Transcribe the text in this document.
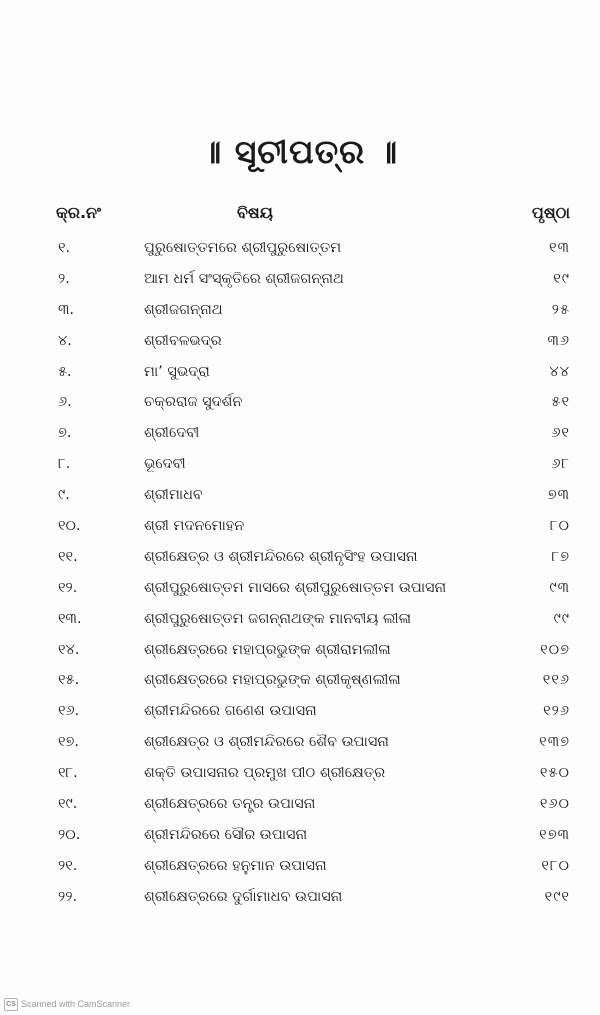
॥ ସୂଚୀପତ୍ର ॥
କ୍ର.ନଂ	ବିଷୟ	ପୃଷ୍ଠା
୧.	ପୁରୁଷୋତ୍ତମରେ ଶ୍ରୀପୁରୁଷୋତ୍ତମ	୧୩
୨.	ଆମ ଧର୍ମ ସଂସ୍କୃତିରେ ଶ୍ରୀଜଗନ୍ନାଥ	୧୯
୩.	ଶ୍ରୀଜଗନ୍ନାଥ	୨୫
୪.	ଶ୍ରୀବଳଭଦ୍ର	୩୬
୫.	ମା’ ସୁଭଦ୍ରା	୪୪
୬.	ଚକ୍ରରାଜ ସୁଦର୍ଶନ	୫୧
୭.	ଶ୍ରୀଦେବୀ	୬୧
୮.	ଭୂଦେବୀ	୬୮
୯.	ଶ୍ରୀମାଧବ	୭୩
୧୦.	ଶ୍ରୀ ମଦନମୋହନ	୮୦
୧୧.	ଶ୍ରୀକ୍ଷେତ୍ର ଓ ଶ୍ରୀମନ୍ଦିରରେ ଶ୍ରୀନୃସିଂହ ଉପାସନା	୮୭
୧୨.	ଶ୍ରୀପୁରୁଷୋତ୍ତମ ମାସରେ ଶ୍ରୀପୁରୁଷୋତ୍ତମ ଉପାସନା	୯୩
୧୩.	ଶ୍ରୀପୁରୁଷୋତ୍ତମ ଜଗନ୍ନାଥଙ୍କ ମାନବୀୟ ଲୀଳା	୯୯
୧୪.	ଶ୍ରୀକ୍ଷେତ୍ରରେ ମହାପ୍ରଭୁଙ୍କ ଶ୍ରୀରାମଲୀଳା	୧୦୭
୧୫.	ଶ୍ରୀକ୍ଷେତ୍ରରେ ମହାପ୍ରଭୁଙ୍କ ଶ୍ରୀକୃଷ୍ଣଲୀଳା	୧୧୬
୧୬.	ଶ୍ରୀମନ୍ଦିରରେ ଗଣେଶ ଉପାସନା	୧୨୬
୧୭.	ଶ୍ରୀକ୍ଷେତ୍ର ଓ ଶ୍ରୀମନ୍ଦିରରେ ଶୈବ ଉପାସନା	୧୩୭
୧୮.	ଶକ୍ତି ଉପାସନାର ପ୍ରମୁଖ ପୀଠ ଶ୍ରୀକ୍ଷେତ୍ର	୧୫୦
୧୯.	ଶ୍ରୀକ୍ଷେତ୍ରରେ ତନ୍ତ୍ର ଉପାସନା	୧୬୦
୨୦.	ଶ୍ରୀମନ୍ଦିରରେ ସୌର ଉପାସନା	୧୭୩
୨୧.	ଶ୍ରୀକ୍ଷେତ୍ରରେ ହନୁମାନ ଉପାସନା	୧୮୦
୨୨.	ଶ୍ରୀକ୍ଷେତ୍ରରେ ଦୁର୍ଗାମାଧବ ଉପାସନା	୧୯୧
CS Scanned with CamScanner
